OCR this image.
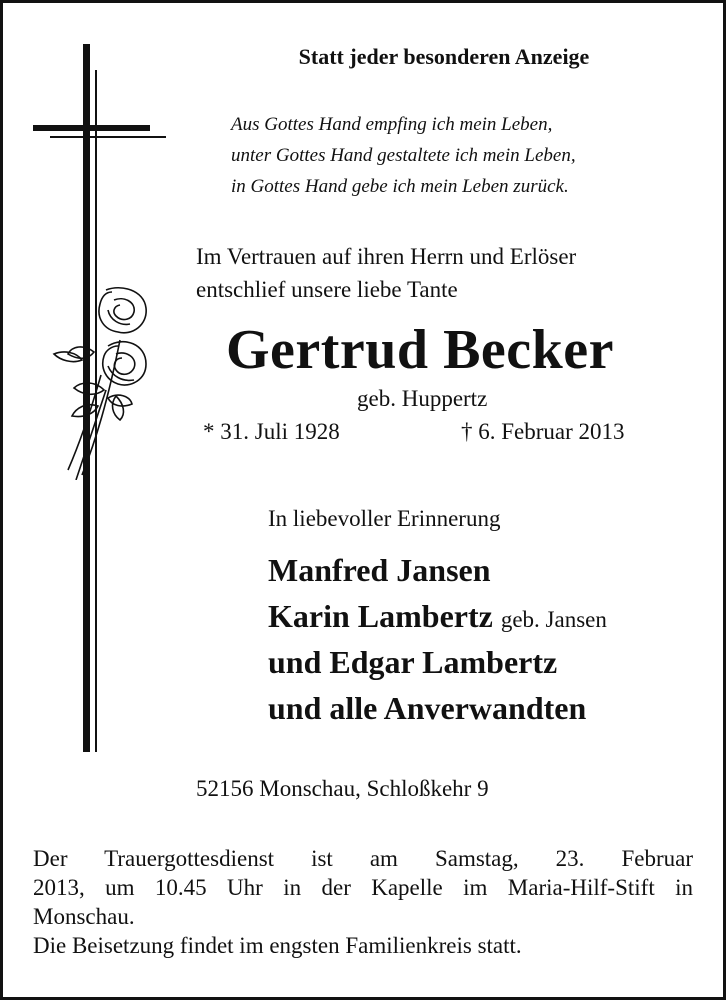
Statt jeder besonderen Anzeige
Aus Gottes Hand empfing ich mein Leben,
unter Gottes Hand gestaltete ich mein Leben,
in Gottes Hand gebe ich mein Leben zurück.
Im Vertrauen auf ihren Herrn und Erlöser
entschlief unsere liebe Tante
Gertrud Becker
geb. Huppertz
* 31. Juli 1928	† 6. Februar 2013
In liebevoller Erinnerung
Manfred Jansen
Karin Lambertz geb. Jansen
und Edgar Lambertz
und alle Anverwandten
52156 Monschau, Schloßkehr 9
Der Trauergottesdienst ist am Samstag, 23. Februar
2013, um 10.45 Uhr in der Kapelle im Maria-Hilf-Stift in
Monschau.
Die Beisetzung findet im engsten Familienkreis statt.
